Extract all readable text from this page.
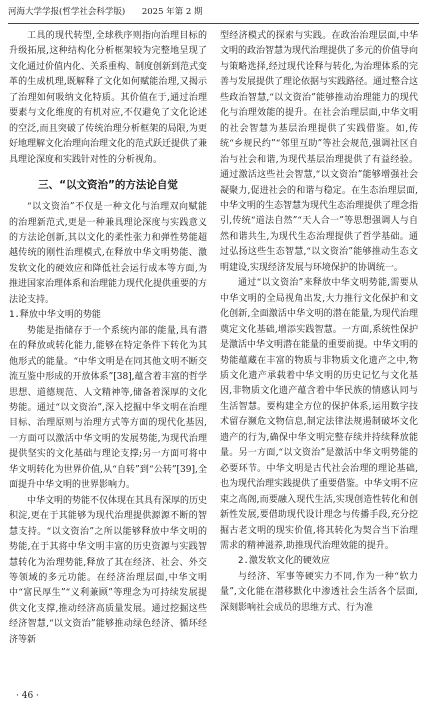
河海大学学报(哲学社会科学版) 2025 年第 2 期

工具的现代转型,全球秩序则指向治理目标的升级拓展,这种结构化分析框架较为完整地呈现了文化通过价值内化、关系重构、制度创新到范式变革的生成机理,既解释了文化如何赋能治理,又揭示了治理如何吸纳文化特质。其价值在于,通过治理要素与文化维度的有机对应,不仅避免了文化论述的空泛,而且突破了传统治理分析框架的局限,为更好地理解文化治理向治理文化的范式跃迁提供了兼具理论深度和实践针对性的分析视角。

三、“以文资治”的方法论自觉

“以文资治”不仅是一种文化与治理双向赋能的治理新范式,更是一种兼具理论深度与实践意义的方法论创新,其以文化的柔性张力和弹性势能超越传统的刚性治理模式,在释放中华文明势能、激发软文化的硬效应和降低社会运行成本等方面,为推进国家治理体系和治理能力现代化提供重要的方法论支持。

1.释放中华文明的势能

势能是指储存于一个系统内部的能量,具有潜在的释放或转化能力,能够在特定条件下转化为其他形式的能量。“中华文明是在同其他文明不断交流互鉴中形成的开放体系”[38],蕴含着丰富的哲学思想、道德规范、人文精神等,储备着深厚的文化势能。通过“以文资治”,深入挖掘中华文明在治理目标、治理原则与治理方式等方面的现代化基因,一方面可以激活中华文明的发展势能,为现代治理提供坚实的文化基础与理论支撑;另一方面可将中华文明转化为世界价值,从“自转”到“公转”[39],全面提升中华文明的世界影响力。

中华文明的势能不仅体现在其具有深厚的历史积淀,更在于其能够为现代治理提供源源不断的智慧支持。“以文资治”之所以能够释放中华文明的势能,在于其将中华文明丰富的历史资源与实践智慧转化为治理势能,释放了其在经济、社会、外交等领域的多元功能。在经济治理层面,中华文明中“富民厚生”“义利兼顾”等理念为可持续发展提供文化支撑,推动经济高质量发展。通过挖掘这些经济智慧,“以文资治”能够推动绿色经济、循环经济等新

型经济模式的探索与实践。在政治治理层面,中华文明的政治智慧为现代治理提供了多元的价值导向与策略选择,经过现代诠释与转化,为治理体系的完善与发展提供了理论依据与实践路径。通过整合这些政治智慧,“以文资治”能够推动治理能力的现代化与治理效能的提升。在社会治理层面,中华文明的社会智慧为基层治理提供了实践借鉴。如,传统“乡规民约”“邻里互助”等社会规范,强调社区自治与社会和谐,为现代基层治理提供了有益经验。通过激活这些社会智慧,“以文资治”能够增强社会凝聚力,促进社会的和谐与稳定。在生态治理层面,中华文明的生态智慧为现代生态治理提供了理念指引,传统“道法自然”“天人合一”等思想强调人与自然和谐共生,为现代生态治理提供了哲学基础。通过弘扬这些生态智慧,“以文资治”能够推动生态文明建设,实现经济发展与环境保护的协调统一。

通过“以文资治”来释放中华文明势能,需要从中华文明的全局视角出发,大力推行文化保护和文化创新,全面激活中华文明的潜在能量,为现代治理奠定文化基础,增添实践智慧。一方面,系统性保护是激活中华文明潜在能量的重要前提。中华文明的势能蕴藏在丰富的物质与非物质文化遗产之中,物质文化遗产承载着中华文明的历史记忆与文化基因,非物质文化遗产蕴含着中华民族的情感认同与生活智慧。要构建全方位的保护体系,运用数字技术留存濒危文物信息,制定法律法规遏制破坏文化遗产的行为,确保中华文明完整存续并持续释放能量。另一方面,“以文资治”是激活中华文明势能的必要环节。中华文明是古代社会治理的理论基础,也为现代治理实践提供了重要借鉴。中华文明不应束之高阁,而要融入现代生活,实现创造性转化和创新性发展,要借助现代设计理念与传播手段,充分挖掘古老文明的现实价值,将其转化为契合当下治理需求的精神滋养,助推现代治理效能的提升。

2.激发软文化的硬效应

与经济、军事等硬实力不同,作为一种“软力量”,文化能在潜移默化中渗透社会生活各个层面,深刻影响社会成员的思维方式、行为准

· 46 ·
